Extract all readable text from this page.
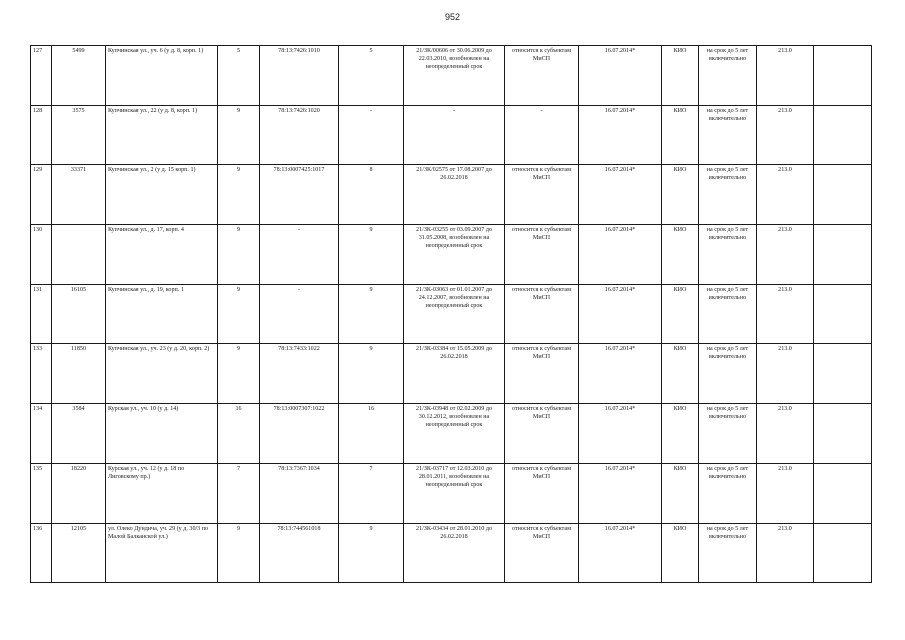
952
127	5499	Купчинская ул., уч. 6 (у д. 8, корп. 1)	5	78:13:7426:1010	5	21/ЗК/00606 от 30.06.2009 до 22.03.2010, возобновлен на неопределенный срок	относится к субъектам МиСП	16.07.2014*	КИО	на срок до 5 лет включительно	213.0	
128	3575	Купчинская ул., 22 (у д. 8, корп. 1)	9	78:13:7426:1020	-	-	-	16.07.2014*	КИО	на срок до 5 лет включительно	213.0	
129	33371	Купчинская ул., 2 (у д. 15 корп. 1)	9	78:13:0007425:1017	8	21/ЗК/02575 от 17.08.2007 до 26.02.2018	относится к субъектам МиСП	16.07.2014*	КИО	на срок до 5 лет включительно	213.0	
130		Купчинская ул., д. 17, корп. 4	9	-	9	21/ЗК-03255 от 03.09.2007 до 31.05.2008, возобновлен на неопределенный срок	относится к субъектам МиСП	16.07.2014*	КИО	на срок до 5 лет включительно	213.0	
131	16105	Купчинская ул., д. 19, корп. 1	9	-	9	21/ЗК-03063 от 01.01.2007 до 24.12.2007, возобновлен на неопределенный срок	относится к субъектам МиСП	16.07.2014*	КИО	на срок до 5 лет включительно	213.0	
133	11850	Купчинская ул., уч. 23 (у д. 20, корп. 2)	9	78:13:7433:1022	9	21/ЗК-03384 от 15.05.2009 до 26.02.2018	относится к субъектам МиСП	16.07.2014*	КИО	на срок до 5 лет включительно	213.0	
134	3584	Курская ул., уч. 10 (у д. 14)	16	78:13:0007307:1022	16	21/ЗК-03948 от 02.02.2009 до 30.12.2012, возобновлен на неопределенный срок	относится к субъектам МиСП	16.07.2014*	КИО	на срок до 5 лет включительно	213.0	
135	18220	Курская ул., уч. 12 (у д. 18 по Лиговскому пр.)	7	78:13:7367:1034	7	21/ЗК-03717 от 12.03.2010 до 28.01.2011, возобновлен на неопределенный срок	относится к субъектам МиСП	16.07.2014*	КИО	на срок до 5 лет включительно	213.0	
136	12105	ул. Олеко Дундича, уч. 29 (у д. 30/3 по Малой Балканской ул.)	9	78:13:744561018	9	21/ЗК-03434 от 28.01.2010 до 26.02.2018	относится к субъектам МиСП	16.07.2014*	КИО	на срок до 5 лет включительно	213.0	
